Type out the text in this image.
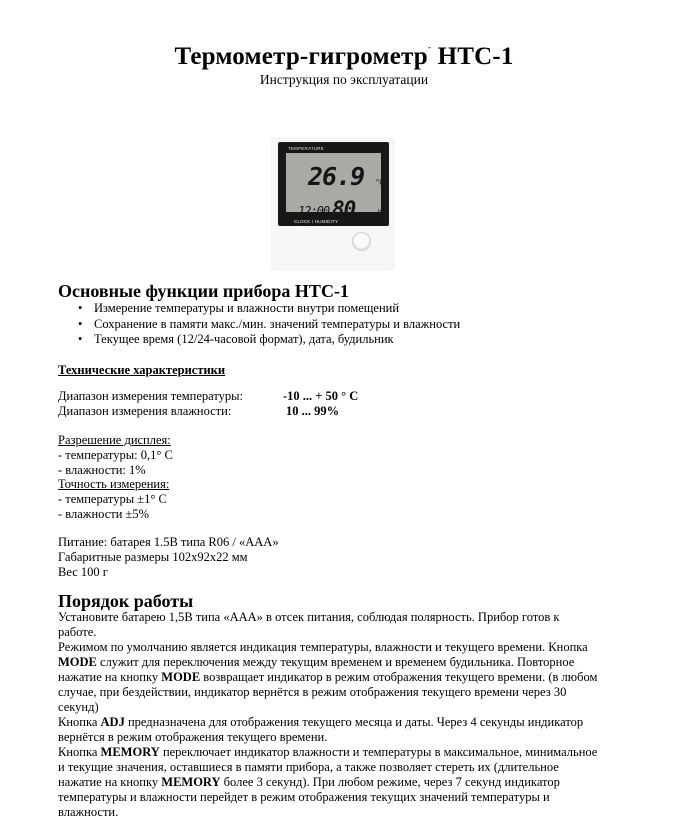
Термометр-гигрометр- HTC-1
Инструкция по эксплуатации
TEMPERATURE
26.9 °C
12:00 80 %
CLOCK / HUMIDITY
HTC-1
Основные функции прибора HTC-1
• Измерение температуры и влажности внутри помещений
• Сохранение в памяти макс./мин. значений температуры и влажности
• Текущее время (12/24-часовой формат), дата, будильник
Технические характеристики
Диапазон измерения температуры:	-10 ... + 50 ° С
Диапазон измерения влажности:	10 ... 99%
Разрешение дисплея:
- температуры: 0,1° С
- влажности: 1%
Точность измерения:
- температуры ±1° С
- влажности ±5%
Питание: батарея 1.5В типа R06 / «ААА»
Габаритные размеры 102х92х22 мм
Вес 100 г
Порядок работы
Установите батарею 1,5В типа «ААА» в отсек питания, соблюдая полярность. Прибор готов к
работе.
Режимом по умолчанию является индикация температуры, влажности и текущего времени. Кнопка
MODE служит для переключения между текущим временем и временем будильника. Повторное
нажатие на кнопку MODE возвращает индикатор в режим отображения текущего времени. (в любом
случае, при бездействии, индикатор вернётся в режим отображения текущего времени через 30
секунд)
Кнопка ADJ предназначена для отображения текущего месяца и даты. Через 4 секунды индикатор
вернётся в режим отображения текущего времени.
Кнопка MEMORY переключает индикатор влажности и температуры в максимальное, минимальное
и текущие значения, оставшиеся в памяти прибора, а также позволяет стереть их (длительное
нажатие на кнопку MEMORY более 3 секунд). При любом режиме, через 7 секунд индикатор
температуры и влажности перейдет в режим отображения текущих значений температуры и
влажности.
